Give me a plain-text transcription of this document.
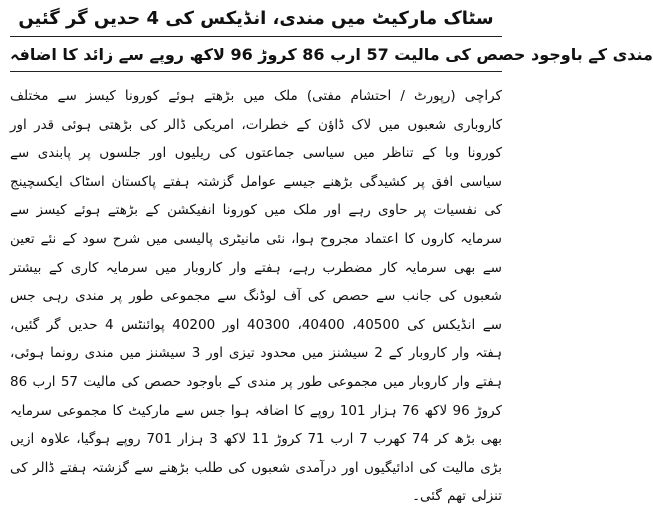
سٹاک مارکیٹ میں مندی، انڈیکس کی 4 حدیں گر گئیں
مندی کے باوجود حصص کی مالیت 57 ارب 86 کروڑ 96 لاکھ روپے سے زائد کا اضافہ

کراچی (رپورٹ / احتشام مفتی) ملک میں بڑھتے ہوئے کورونا کیسز سے مختلف کاروباری شعبوں میں لاک ڈاؤن کے خطرات، امریکی ڈالر کی بڑھتی ہوئی قدر اور کورونا وبا کے تناظر میں سیاسی جماعتوں کی ریلیوں اور جلسوں پر پابندی سے سیاسی افق پر کشیدگی بڑھنے جیسے عوامل گزشتہ ہفتے پاکستان اسٹاک ایکسچینج کی نفسیات پر حاوی رہے اور ملک میں کورونا انفیکشن کے بڑھتے ہوئے کیسز سے سرمایہ کاروں کا اعتماد مجروح ہوا، نئی مانیٹری پالیسی میں شرح سود کے نئے تعین سے بھی سرمایہ کار مضطرب رہے، ہفتے وار کاروبار میں سرمایہ کاری کے بیشتر شعبوں کی جانب سے حصص کی آف لوڈنگ سے مجموعی طور پر مندی رہی جس سے انڈیکس کی 40500، 40400، 40300 اور 40200 پوائنٹس 4 حدیں گر گئیں، ہفتہ وار کاروبار کے 2 سیشنز میں محدود تیزی اور 3 سیشنز میں مندی رونما ہوئی، ہفتے وار کاروبار میں مجموعی طور پر مندی کے باوجود حصص کی مالیت 57 ارب 86 کروڑ 96 لاکھ 76 ہزار 101 روپے کا اضافہ ہوا جس سے مارکیٹ کا مجموعی سرمایہ بھی بڑھ کر 74 کھرب 7 ارب 71 کروڑ 11 لاکھ 3 ہزار 701 روپے ہوگیا، علاوہ ازیں بڑی مالیت کی ادائیگیوں اور درآمدی شعبوں کی طلب بڑھنے سے گزشتہ ہفتے ڈالر کی تنزلی تھم گئی۔
